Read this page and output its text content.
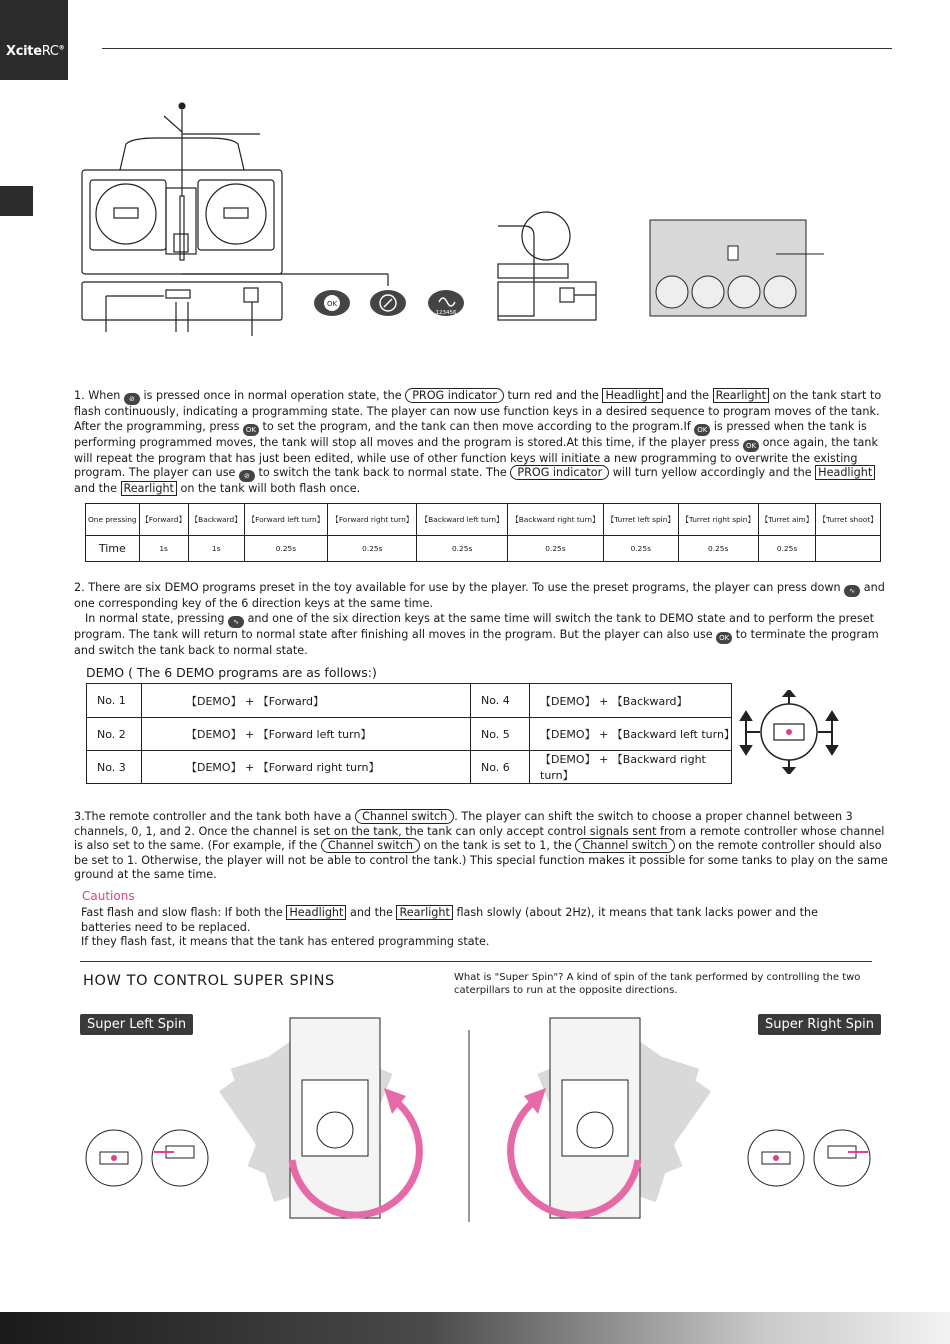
XciteRC®
OK
123456

1. When ⊘ is pressed once in normal operation state, the PROG indicator turn red and the Headlight and the Rearlight on the tank start to flash continuously, indicating a programming state. The player can now use function keys in a desired sequence to program moves of the tank. After the programming, press OK to set the program, and the tank can then move according to the program.If OK is pressed when the tank is performing programmed moves, the tank will stop all moves and the program is stored.At this time, if the player press OK once again, the tank will repeat the program that has just been edited, while use of other function keys will initiate a new programming to overwrite the existing program. The player can use ⊘ to switch the tank back to normal state. The PROG indicator will turn yellow accordingly and the Headlight and the Rearlight on the tank will both flash once.

One pressing	【Forward】	【Backward】	【Forward left turn】	【Forward right turn】	【Backward left turn】	【Backward right turn】	【Turret left spin】	【Turret right spin】	【Turret aim】	【Turret shoot】
Time	1s	1s	0.25s	0.25s	0.25s	0.25s	0.25s	0.25s	0.25s	

2. There are six DEMO programs preset in the toy available for use by the player. To use the preset programs, the player can press down ∿ and one corresponding key of the 6 direction keys at the same time.
In normal state, pressing ∿ and one of the six direction keys at the same time will switch the tank to DEMO state and to perform the preset program. The tank will return to normal state after finishing all moves in the program. But the player can also use OK to terminate the program and switch the tank back to normal state.

DEMO ( The 6 DEMO programs are as follows:)
No. 1	【DEMO】 + 【Forward】	No. 4	【DEMO】 + 【Backward】
No. 2	【DEMO】 + 【Forward left turn】	No. 5	【DEMO】 + 【Backward left turn】
No. 3	【DEMO】 + 【Forward right turn】	No. 6	【DEMO】 + 【Backward right turn】

3.The remote controller and the tank both have a Channel switch . The player can shift the switch to choose a proper channel between 3 channels, 0, 1, and 2. Once the channel is set on the tank, the tank can only accept control signals sent from a remote controller whose channel is also set to the same. (For example, if the Channel switch on the tank is set to 1, the Channel switch on the remote controller should also be set to 1. Otherwise, the player will not be able to control the tank.) This special function makes it possible for some tanks to play on the same ground at the same time.

Cautions

Fast flash and slow flash: If both the Headlight and the Rearlight flash slowly (about 2Hz), it means that tank lacks power and the batteries need to be replaced.
If they flash fast, it means that the tank has entered programming state.

HOW TO CONTROL SUPER SPINS	What is "Super Spin"? A kind of spin of the tank performed by controlling the two caterpillars to run at the opposite directions.
Super Left Spin	Super Right Spin
